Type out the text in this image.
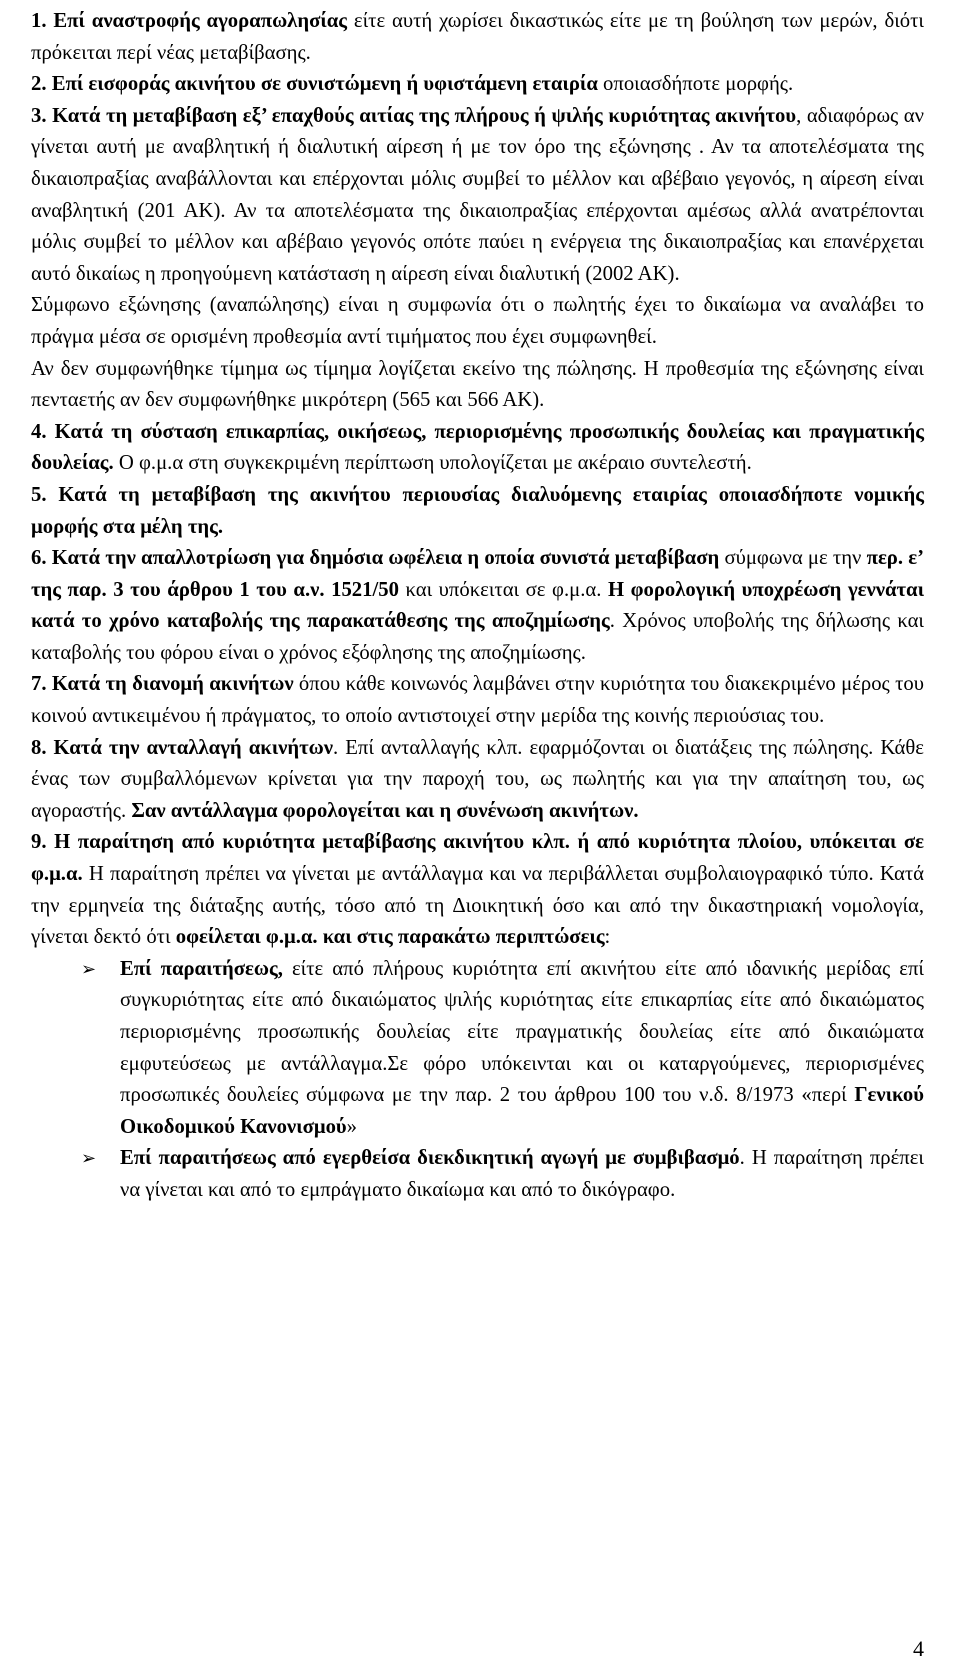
1. Επί αναστροφής αγοραπωλησίας είτε αυτή χωρίσει δικαστικώς είτε με τη βούληση των μερών, διότι πρόκειται περί νέας μεταβίβασης.

2. Επί εισφοράς ακινήτου σε συνιστώμενη ή υφιστάμενη εταιρία οποιασδήποτε μορφής.

3. Κατά τη μεταβίβαση εξ’ επαχθούς αιτίας της πλήρους ή ψιλής κυριότητας ακινήτου, αδιαφόρως αν γίνεται αυτή με αναβλητική ή διαλυτική αίρεση ή με τον όρο της εξώνησης . Αν τα αποτελέσματα της δικαιοπραξίας αναβάλλονται και επέρχονται μόλις συμβεί το μέλλον και αβέβαιο γεγονός, η αίρεση είναι αναβλητική (201 ΑΚ). Αν τα αποτελέσματα της δικαιοπραξίας επέρχονται αμέσως αλλά ανατρέπονται μόλις συμβεί το μέλλον και αβέβαιο γεγονός οπότε παύει η ενέργεια της δικαιοπραξίας και επανέρχεται αυτό δικαίως η προηγούμενη κατάσταση η αίρεση είναι διαλυτική (2002 ΑΚ).

Σύμφωνο εξώνησης (αναπώλησης) είναι η συμφωνία ότι ο πωλητής έχει το δικαίωμα να αναλάβει το πράγμα μέσα σε ορισμένη προθεσμία αντί τιμήματος που έχει συμφωνηθεί.

Αν δεν συμφωνήθηκε τίμημα ως τίμημα λογίζεται εκείνο της πώλησης. Η προθεσμία της εξώνησης είναι πενταετής αν δεν συμφωνήθηκε μικρότερη (565 και 566 ΑΚ).

4. Κατά τη σύσταση επικαρπίας, οικήσεως, περιορισμένης προσωπικής δουλείας και πραγματικής δουλείας. Ο φ.μ.α στη συγκεκριμένη περίπτωση υπολογίζεται με ακέραιο συντελεστή.

5. Κατά τη μεταβίβαση της ακινήτου περιουσίας διαλυόμενης εταιρίας οποιασδήποτε νομικής μορφής στα μέλη της.

6. Κατά την απαλλοτρίωση για δημόσια ωφέλεια η οποία συνιστά μεταβίβαση σύμφωνα με την περ. ε’ της παρ. 3 του άρθρου 1 του α.ν. 1521/50 και υπόκειται σε φ.μ.α. Η φορολογική υποχρέωση γεννάται κατά το χρόνο καταβολής της παρακατάθεσης της αποζημίωσης. Χρόνος υποβολής της δήλωσης και καταβολής του φόρου είναι ο χρόνος εξόφλησης της αποζημίωσης.

7. Κατά τη διανομή ακινήτων όπου κάθε κοινωνός λαμβάνει στην κυριότητα του διακεκριμένο μέρος του κοινού αντικειμένου ή πράγματος, το οποίο αντιστοιχεί στην μερίδα της κοινής περιούσιας του.

8. Κατά την ανταλλαγή ακινήτων. Επί ανταλλαγής κλπ. εφαρμόζονται οι διατάξεις της πώλησης. Κάθε ένας των συμβαλλόμενων κρίνεται για την παροχή του, ως πωλητής και για την απαίτηση του, ως αγοραστής. Σαν αντάλλαγμα φορολογείται και η συνένωση ακινήτων.

9. Η παραίτηση από κυριότητα μεταβίβασης ακινήτου κλπ. ή από κυριότητα πλοίου, υπόκειται σε φ.μ.α. Η παραίτηση πρέπει να γίνεται με αντάλλαγμα και να περιβάλλεται συμβολαιογραφικό τύπο. Κατά την ερμηνεία της διάταξης αυτής, τόσο από τη Διοικητική όσο και από την δικαστηριακή νομολογία, γίνεται δεκτό ότι οφείλεται φ.μ.α. και στις παρακάτω περιπτώσεις:

➢ Επί παραιτήσεως, είτε από πλήρους κυριότητα επί ακινήτου είτε από ιδανικής μερίδας επί συγκυριότητας είτε από δικαιώματος ψιλής κυριότητας είτε επικαρπίας είτε από δικαιώματος περιορισμένης προσωπικής δουλείας είτε πραγματικής δουλείας είτε από δικαιώματα εμφυτεύσεως με αντάλλαγμα.Σε φόρο υπόκεινται και οι καταργούμενες, περιορισμένες προσωπικές δουλείες σύμφωνα με την παρ. 2 του άρθρου 100 του ν.δ. 8/1973 «περί Γενικού Οικοδομικού Κανονισμού»
➢ Επί παραιτήσεως από εγερθείσα διεκδικητική αγωγή με συμβιβασμό. Η παραίτηση πρέπει να γίνεται και από το εμπράγματο δικαίωμα και από το δικόγραφο.
4
